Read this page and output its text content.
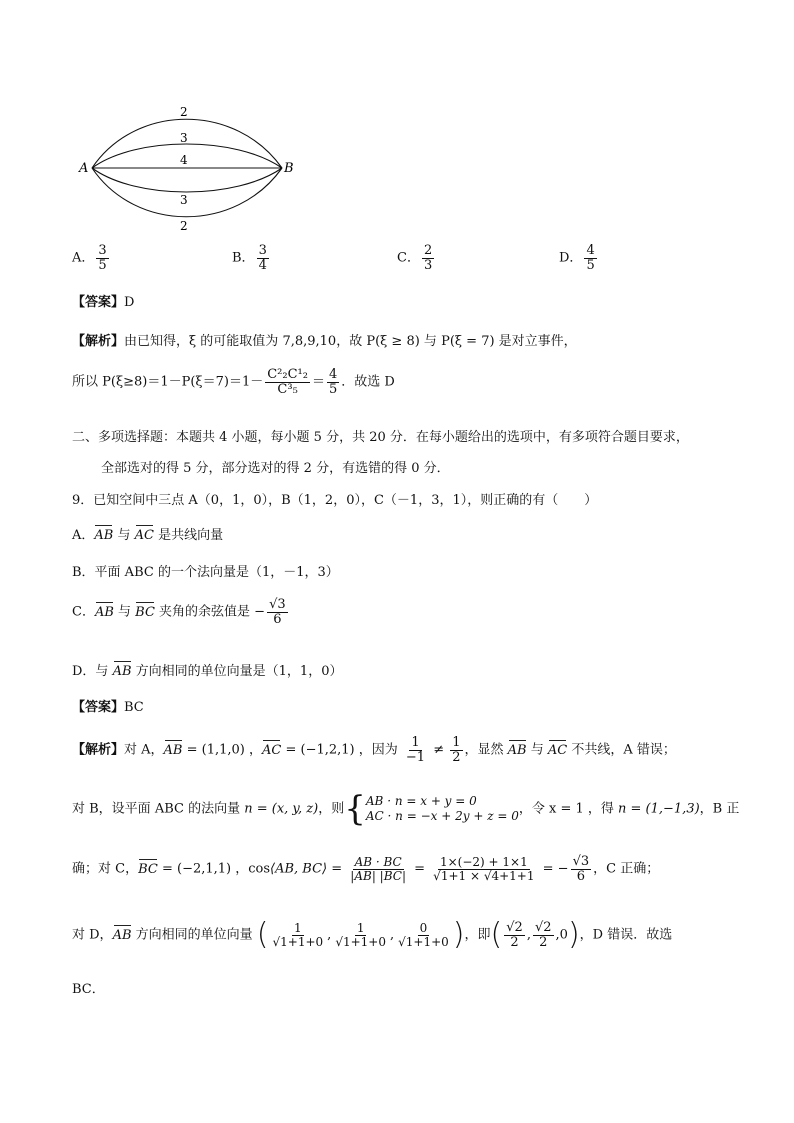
A	B
2
3
4
3
2
A． $\frac{3}{5}$	B． $\frac{3}{4}$	C． $\frac{2}{3}$	D． $\frac{4}{5}$
【答案】D
【解析】由已知得，ξ 的可能取值为 7,8,9,10，故 P(ξ ≥ 8) 与 P(ξ = 7) 是对立事件，
所以 $P(\xi\ge 8)=1-P(\xi=7)=1- \frac{\text{C²₂C¹₂}}{\text{C³₅}} = \frac{4}{5}$ ．故选 D
二、多项选择题：本题共 4 小题，每小题 5 分，共 20 分．在每小题给出的选项中，有多项符合题目要求，
全部选对的得 5 分，部分选对的得 2 分，有选错的得 0 分．
9．已知空间中三点 A（0，1，0），B（1，2，0），C（－1，3，1），则正确的有（　　）
A．AB 与 AC 是共线向量
B．平面 ABC 的一个法向量是（1，－1，3）
C．AB 与 BC 夹角的余弦值是 − $\frac{√3}{6}$
D．与 AB 方向相同的单位向量是（1，1，0）
【答案】BC
【解析】对 A，AB = (1,1,0) ，AC = (−1,2,1) ，因为 $\frac{1}{-1} \ne \frac{1}{2}$ ，显然 AB 与 AC 不共线，A 错误；
对 B，设平面 ABC 的法向量 n = (x, y, z)，则{ AB · n = x + y = 0
AC · n = −x + 2y + z = 0 ，令 x = 1 ，得 n = (1,−1,3)，B 正
确；对 C，BC = (−2,1,1) ，cos⟨AB, BC⟩ = $\frac{AB \cdot BC}{|AB| |BC|} = \frac{1\times(-2) + 1\times 1}{√1+1 \times √4+1+1}$ = − $\frac{√3}{6}$ ，C 正确；
对 D，AB 方向相同的单位向量 ( $\frac{1}{√1+1+0}$ , $\frac{1}{√1+1+0}$ , $\frac{0}{√1+1+0}$ )，即( $\frac{√2}{2}$ , $\frac{√2}{2} ,0$)，D 错误．故选
BC．
